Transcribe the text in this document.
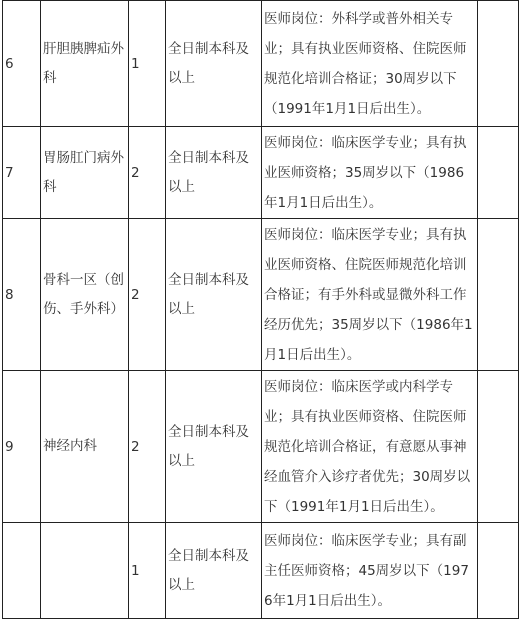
6	肝胆胰脾疝外科	1	全日制本科及以上	医师岗位：外科学或普外相关专业；具有执业医师资格、住院医师规范化培训合格证；30周岁以下（1991年1月1日后出生）。	
7	胃肠肛门病外科	2	全日制本科及以上	医师岗位：临床医学专业；具有执业医师资格；35周岁以下（1986年1月1日后出生）。	
8	骨科一区（创伤、手外科）	2	全日制本科及以上	医师岗位：临床医学专业；具有执业医师资格、住院医师规范化培训合格证；有手外科或显微外科工作经历优先；35周岁以下（1986年1月1日后出生）。	
9	神经内科	2	全日制本科及以上	医师岗位：临床医学或内科学专业；具有执业医师资格、住院医师规范化培训合格证，有意愿从事神经血管介入诊疗者优先；30周岁以下（1991年1月1日后出生）。	
		1	全日制本科及以上	医师岗位：临床医学专业；具有副主任医师资格；45周岁以下（1976年1月1日后出生）。	
